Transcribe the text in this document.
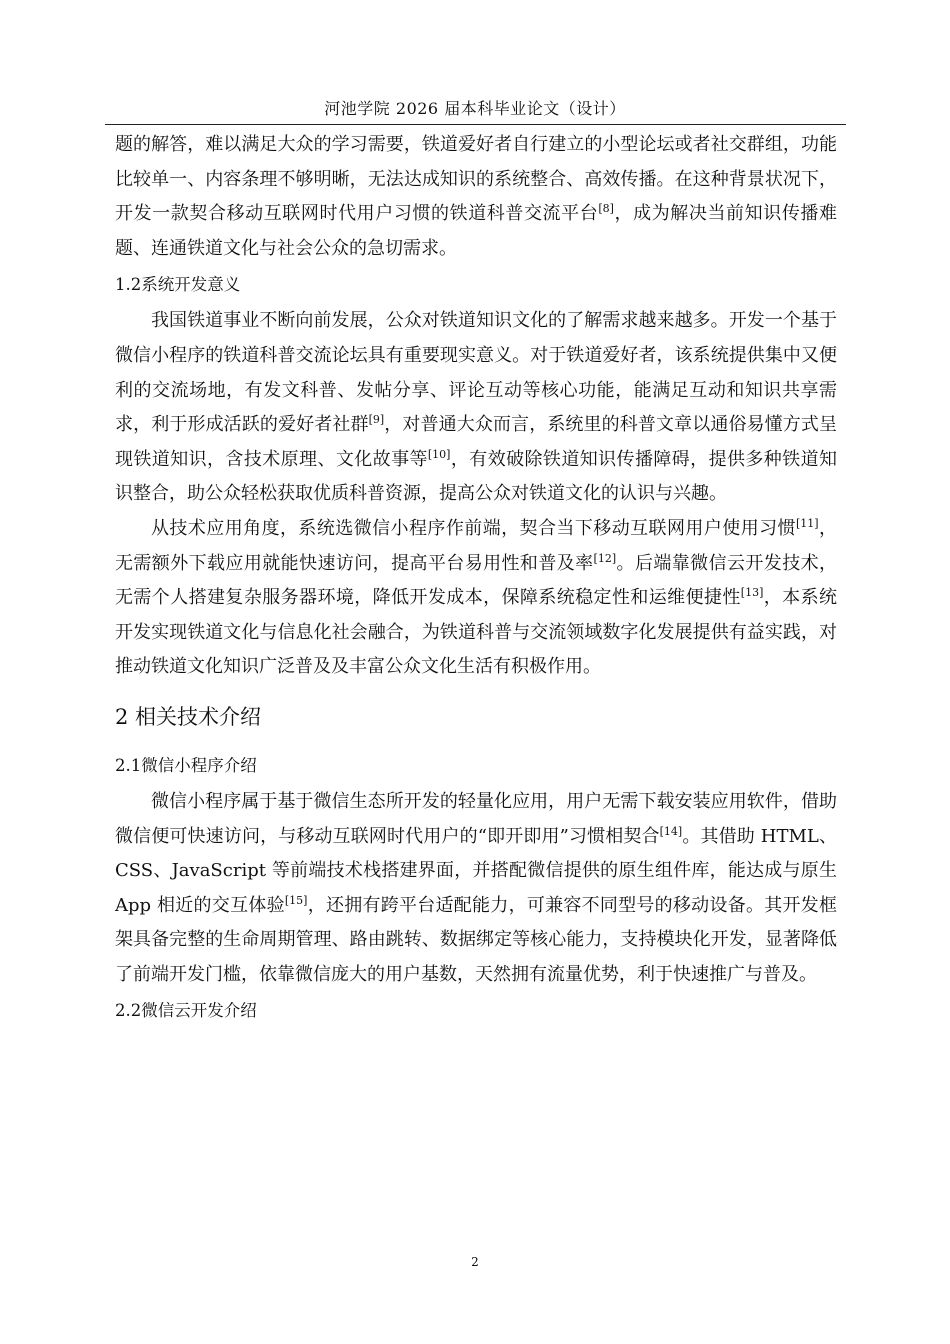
河池学院 2026 届本科毕业论文（设计）

题的解答，难以满足大众的学习需要，铁道爱好者自行建立的小型论坛或者社交群组，功能比较单一、内容条理不够明晰，无法达成知识的系统整合、高效传播。在这种背景状况下，开发一款契合移动互联网时代用户习惯的铁道科普交流平台[8]，成为解决当前知识传播难题、连通铁道文化与社会公众的急切需求。

1.2系统开发意义

我国铁道事业不断向前发展，公众对铁道知识文化的了解需求越来越多。开发一个基于微信小程序的铁道科普交流论坛具有重要现实意义。对于铁道爱好者，该系统提供集中又便利的交流场地，有发文科普、发帖分享、评论互动等核心功能，能满足互动和知识共享需求，利于形成活跃的爱好者社群[9]，对普通大众而言，系统里的科普文章以通俗易懂方式呈现铁道知识，含技术原理、文化故事等[10]，有效破除铁道知识传播障碍，提供多种铁道知识整合，助公众轻松获取优质科普资源，提高公众对铁道文化的认识与兴趣。

从技术应用角度，系统选微信小程序作前端，契合当下移动互联网用户使用习惯[11]，无需额外下载应用就能快速访问，提高平台易用性和普及率[12]。后端靠微信云开发技术，无需个人搭建复杂服务器环境，降低开发成本，保障系统稳定性和运维便捷性[13]，本系统开发实现铁道文化与信息化社会融合，为铁道科普与交流领域数字化发展提供有益实践，对推动铁道文化知识广泛普及及丰富公众文化生活有积极作用。

2 相关技术介绍
2.1微信小程序介绍

微信小程序属于基于微信生态所开发的轻量化应用，用户无需下载安装应用软件，借助微信便可快速访问，与移动互联网时代用户的“即开即用”习惯相契合[14]。其借助 HTML、CSS、JavaScript 等前端技术栈搭建界面，并搭配微信提供的原生组件库，能达成与原生 App 相近的交互体验[15]，还拥有跨平台适配能力，可兼容不同型号的移动设备。其开发框架具备完整的生命周期管理、路由跳转、数据绑定等核心能力，支持模块化开发，显著降低了前端开发门槛，依靠微信庞大的用户基数，天然拥有流量优势，利于快速推广与普及。

2.2微信云开发介绍
2
